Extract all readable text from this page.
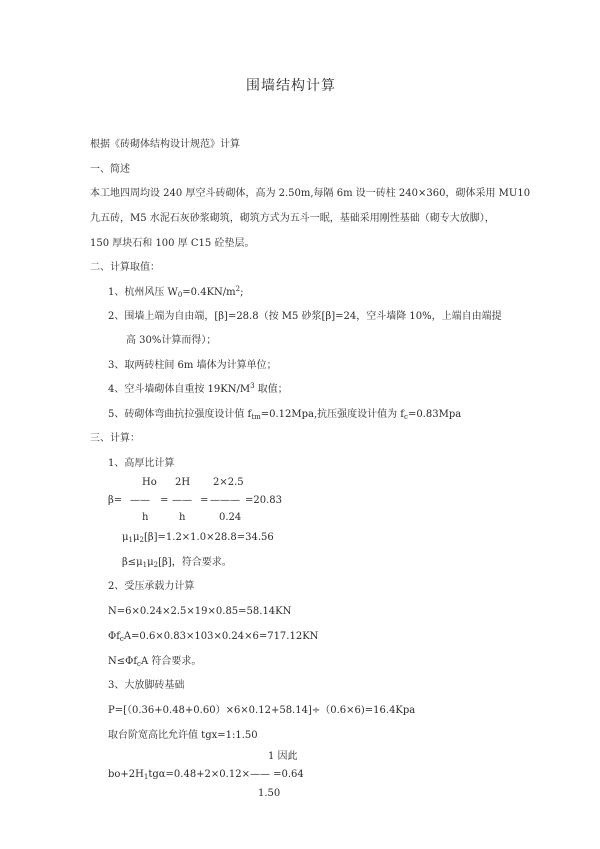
围墙结构计算
根据《砖砌体结构设计规范》计算
一、简述
本工地四周均设 240 厚空斗砖砌体，高为 2.50m,每隔 6m 设一砖柱 240×360，砌体采用 MU10
九五砖，M5 水泥石灰砂浆砌筑，砌筑方式为五斗一眠，基础采用刚性基础（砌专大放脚），
150 厚块石和 100 厚 C15 砼垫层。
二、计算取值：
1、杭州风压 $W_0=0.4KN/m^2$;
2、围墙上端为自由端，[β]=28.8（按 M5 砂浆[β]=24，空斗墙降 10%，上端自由端提
高 30%计算而得）；
3、取两砖柱间 6m 墙体为计算单位；
4、空斗墙砌体自重按 $19KN/M^3$ 取值；
5、砖砌体弯曲抗拉强度设计值 $f_{tm}=0.12Mpa$,抗压强度设计值为 $f_c=0.83Mpa$
三、计算：
1、高厚比计算
Ho 2H 2×2.5
β= —— = —— = ——— =20.83
h	h	0.24
$\mu_1\mu_2[\beta]=1.2\times 1.0\times 28.8=34.56$
$\beta\le\mu_1\mu_2[\beta]$，符合要求。
2、受压承载力计算
N=6×0.24×2.5×19×0.85=58.14KN
$\Phi f_cA=0.6\times 0.83\times 103\times 0.24\times 6=717.12KN$
$N\le\Phi f_cA$ 符合要求。
3、大放脚砖基础
P=[（0.36+0.48+0.60）×6×0.12+58.14]÷（0.6×6)=16.4Kpa
取台阶宽高比允许值 tgx=1:1.50
1 因此
$bo+2H_1tg\alpha=0.48+2\times 0.12\times—— =0.64$
1.50
